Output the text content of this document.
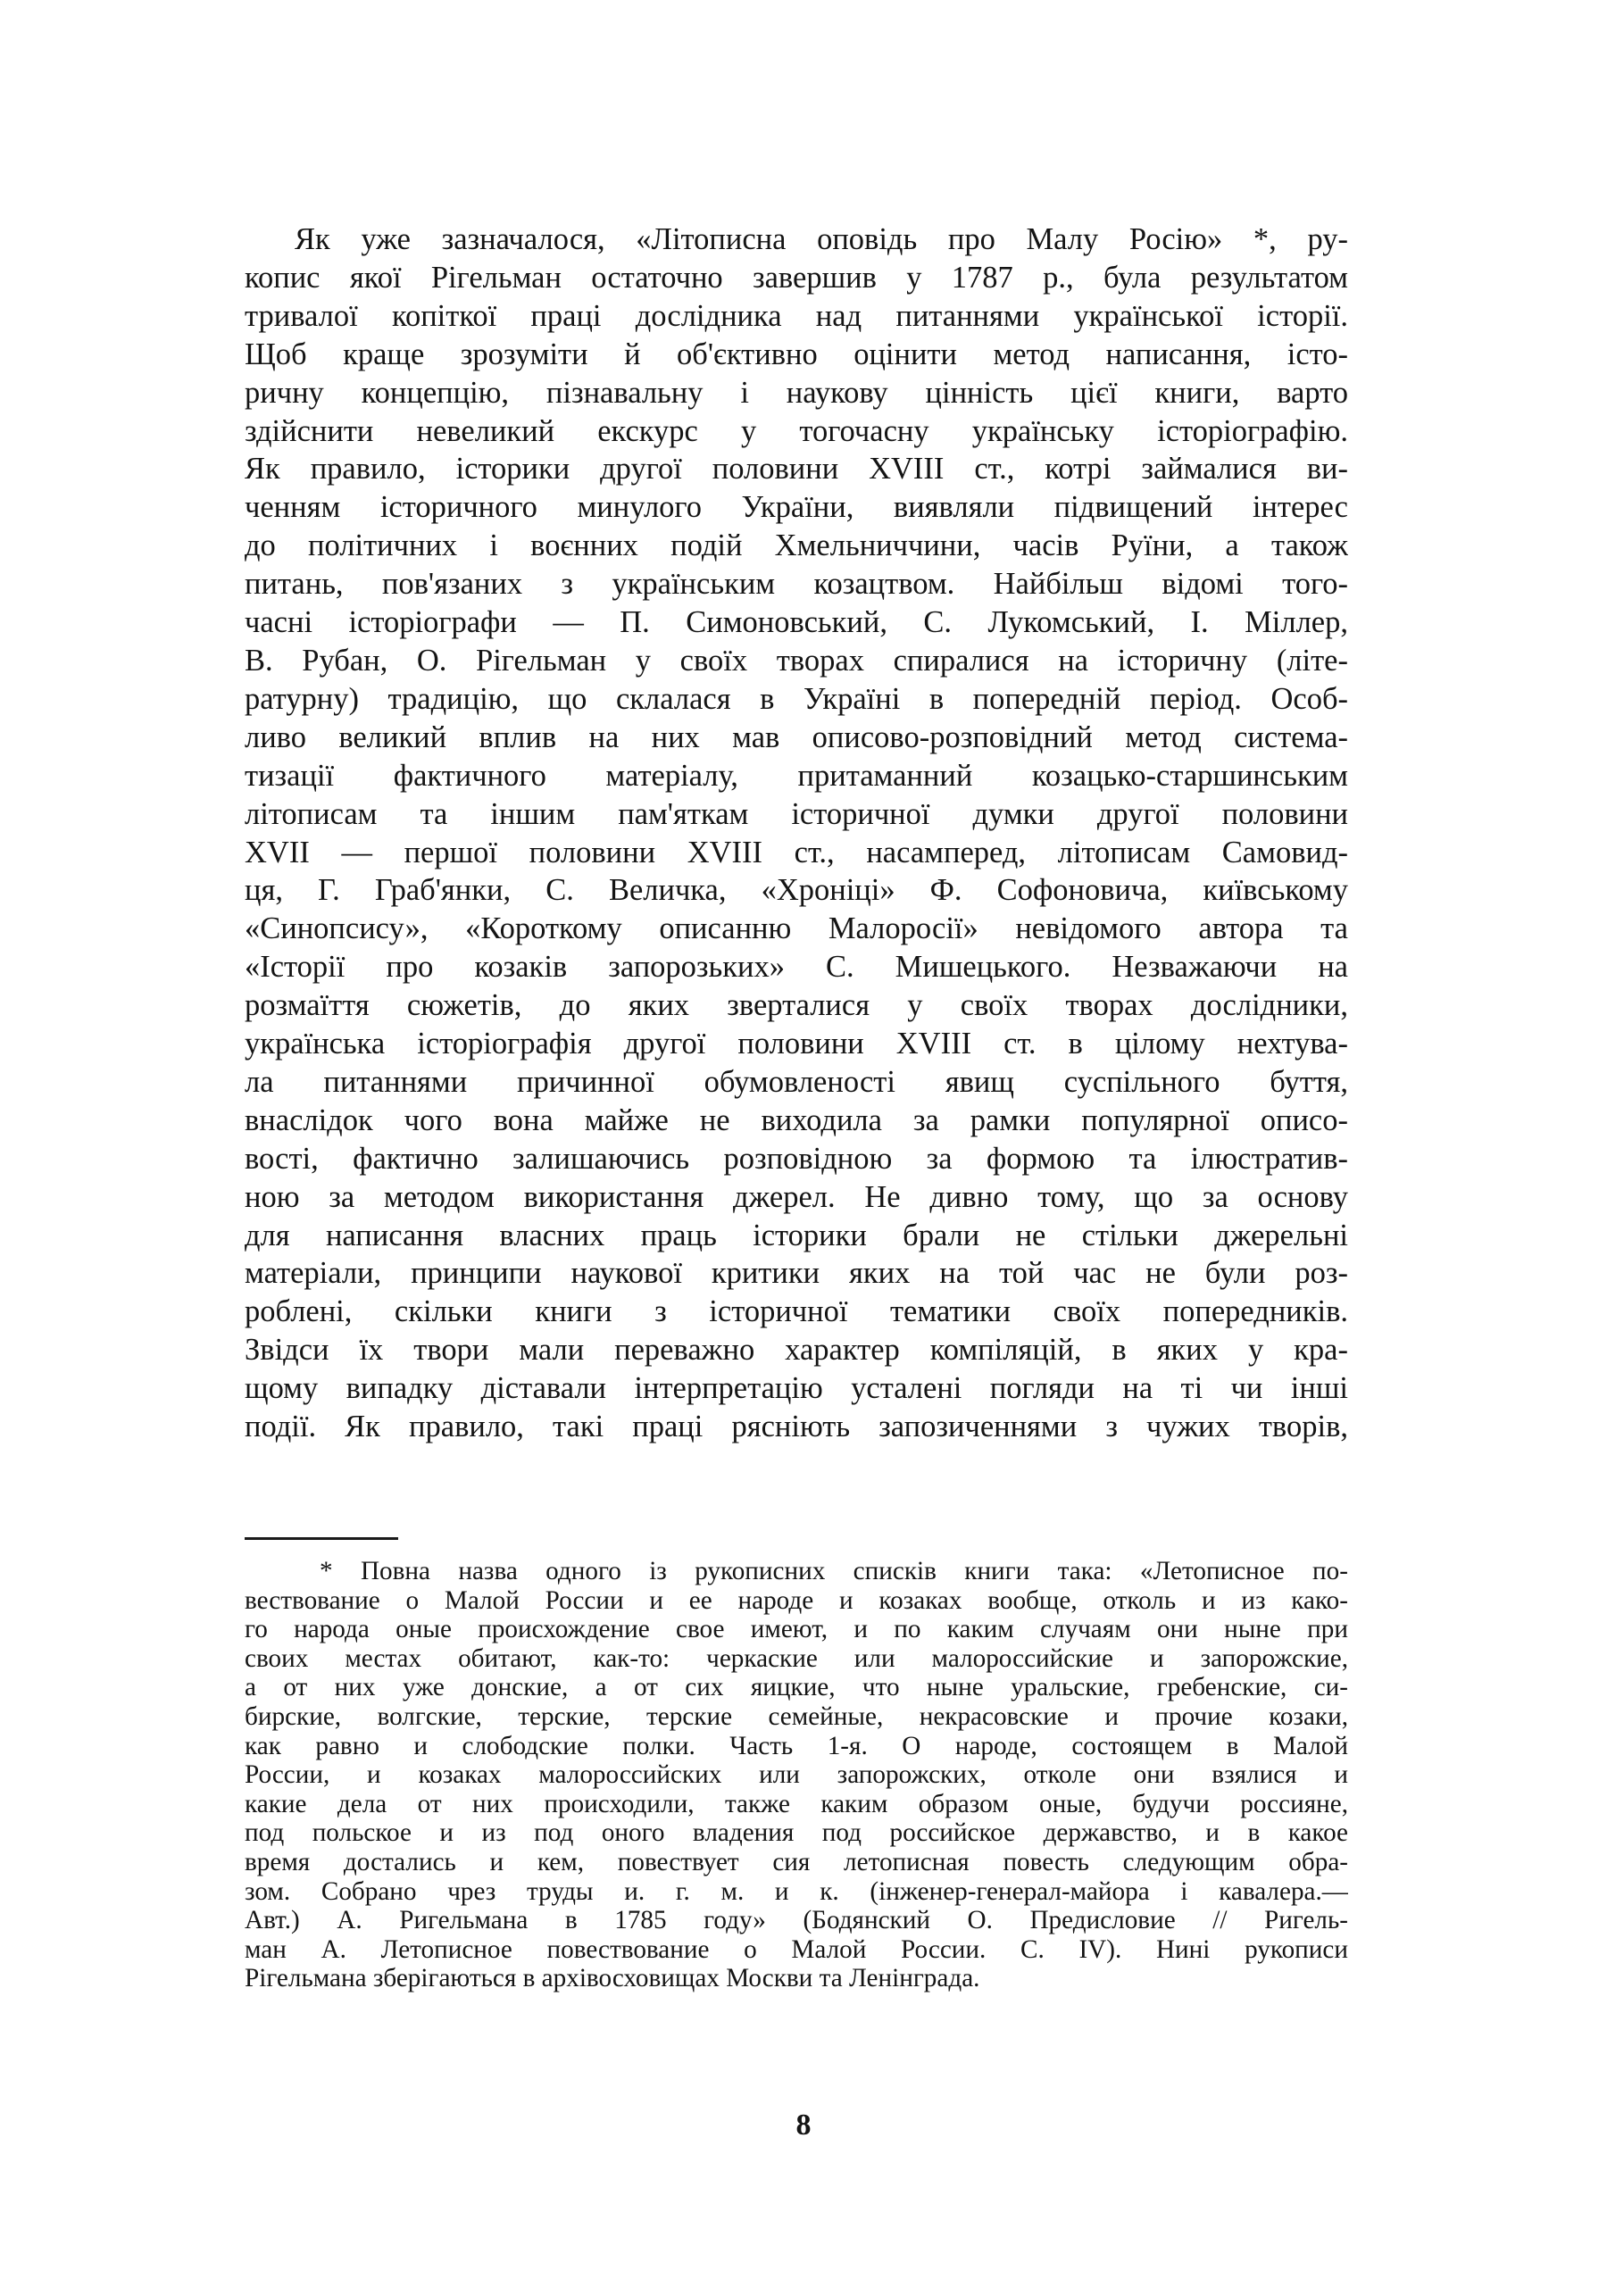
Як уже зазначалося, «Літописна оповідь про Малу Росію» *, ру-
копис якої Рігельман остаточно завершив у 1787 р., була результатом
тривалої копіткої праці дослідника над питаннями української історії.
Щоб краще зрозуміти й об'єктивно оцінити метод написання, істо-
ричну концепцію, пізнавальну і наукову цінність цієї книги, варто
здійснити невеликий екскурс у тогочасну українську історіографію.
Як правило, історики другої половини XVIII ст., котрі займалися ви-
ченням історичного минулого України, виявляли підвищений інтерес
до політичних і воєнних подій Хмельниччини, часів Руїни, а також
питань, пов'язаних з українським козацтвом. Найбільш відомі того-
часні історіографи — П. Симоновський, С. Лукомський, І. Міллер,
В. Рубан, О. Рігельман у своїх творах спиралися на історичну (літе-
ратурну) традицію, що склалася в Україні в попередній період. Особ-
ливо великий вплив на них мав описово-розповідний метод система-
тизації фактичного матеріалу, притаманний козацько-старшинським
літописам та іншим пам'яткам історичної думки другої половини
XVII — першої половини XVIII ст., насамперед, літописам Самовид-
ця, Г. Граб'янки, С. Величка, «Хроніці» Ф. Софоновича, київському
«Синопсису», «Короткому описанню Малоросії» невідомого автора та
«Історії про козаків запорозьких» С. Мишецького. Незважаючи на
розмаїття сюжетів, до яких зверталися у своїх творах дослідники,
українська історіографія другої половини XVIII ст. в цілому нехтува-
ла питаннями причинної обумовленості явищ суспільного буття,
внаслідок чого вона майже не виходила за рамки популярної описо-
вості, фактично залишаючись розповідною за формою та ілюстратив-
ною за методом використання джерел. Не дивно тому, що за основу
для написання власних праць історики брали не стільки джерельні
матеріали, принципи наукової критики яких на той час не були роз-
роблені, скільки книги з історичної тематики своїх попередників.
Звідси їх твори мали переважно характер компіляцій, в яких у кра-
щому випадку діставали інтерпретацію усталені погляди на ті чи інші
події. Як правило, такі праці рясніють запозиченнями з чужих творів,
* Повна назва одного із рукописних списків книги така: «Летописное по-
вествование о Малой России и ее народе и козаках вообще, отколь и из како-
го народа оные происхождение свое имеют, и по каким случаям они ныне при
своих местах обитают, как-то: черкаские или малороссийские и запорожские,
а от них уже донские, а от сих яицкие, что ныне уральские, гребенские, си-
бирские, волгские, терские, терские семейные, некрасовские и прочие козаки,
как равно и слободские полки. Часть 1-я. О народе, состоящем в Малой
России, и козаках малороссийских или запорожских, отколе они взялися и
какие дела от них происходили, также каким образом оные, будучи россияне,
под польское и из под оного владения под российское державство, и в какое
время достались и кем, повествует сия летописная повесть следующим обра-
зом. Собрано чрез труды и. г. м. и к. (інженер-генерал-майора і кавалера.—
Авт.) А. Ригельмана в 1785 году» (Бодянский О. Предисловие // Ригель-
ман А. Летописное повествование о Малой России. С. IV). Нині рукописи
Рігельмана зберігаються в архівосховищах Москви та Ленінграда.
8
